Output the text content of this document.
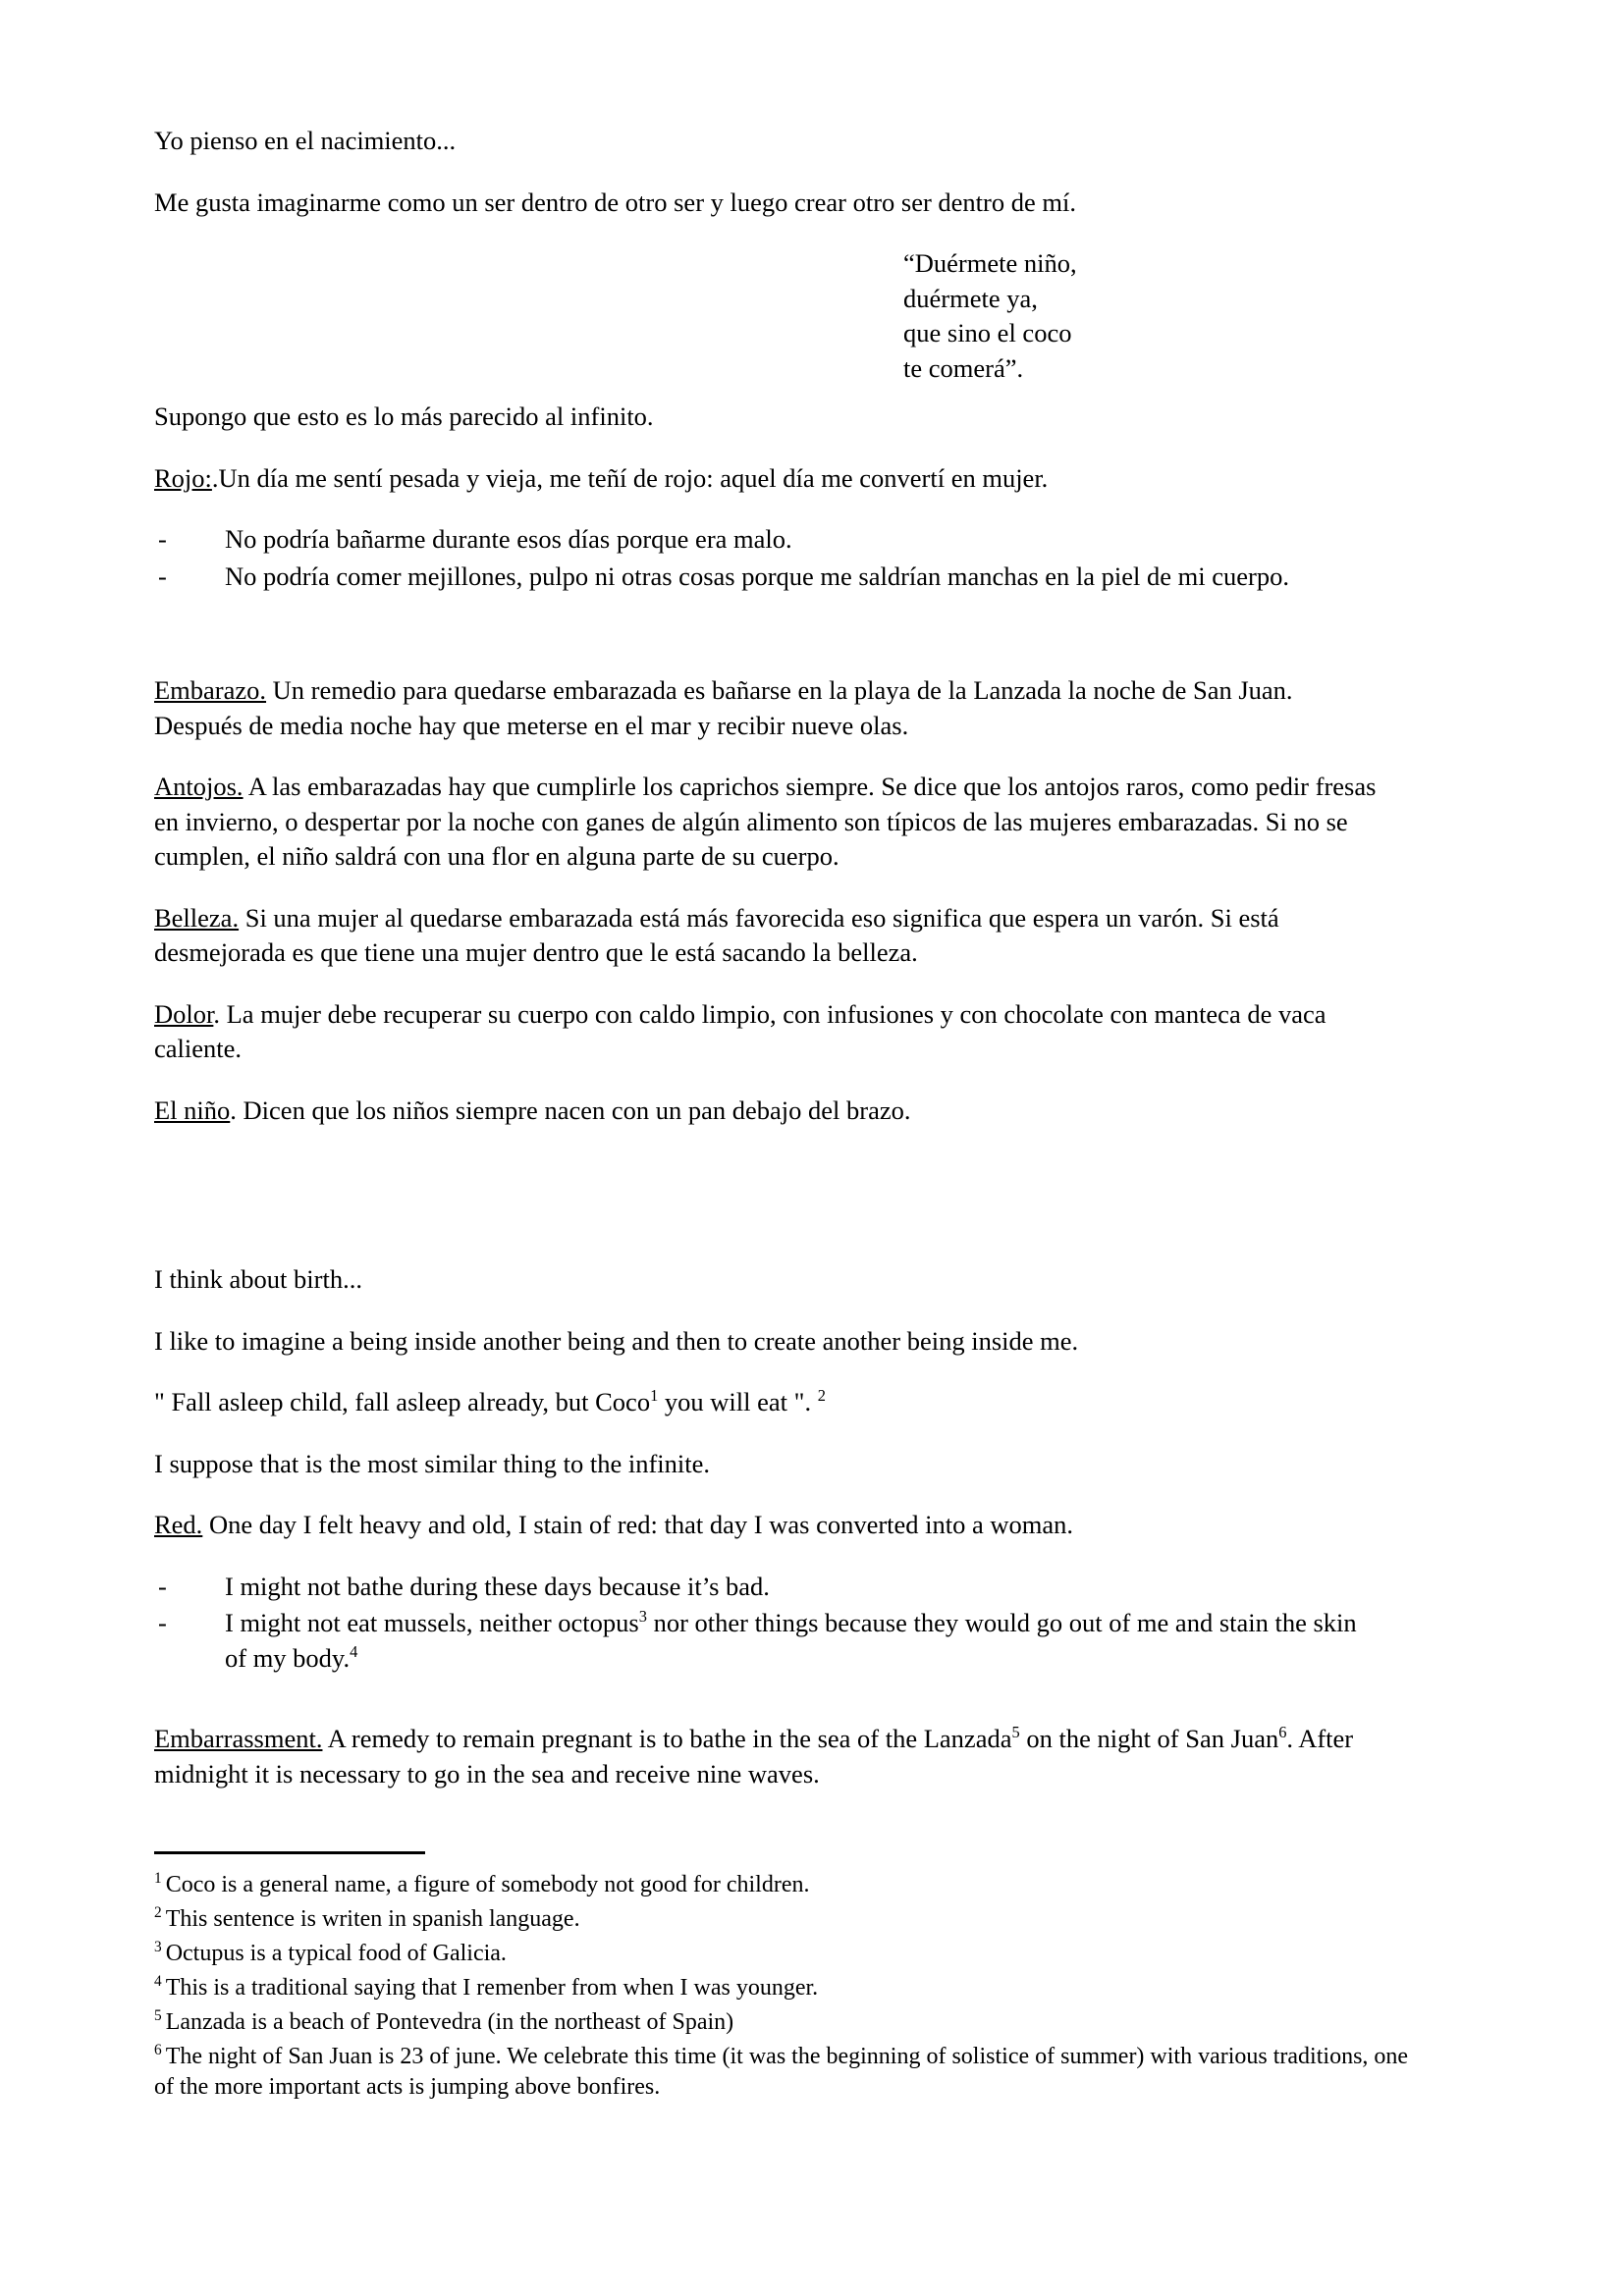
Yo pienso en el nacimiento...

Me gusta imaginarme como un ser dentro de otro ser y luego crear otro ser dentro de mí.

“Duérmete niño,
duérmete ya,
que sino el coco
te comerá”.

Supongo que esto es lo más parecido al infinito.

Rojo:.Un día me sentí pesada y vieja, me teñí de rojo: aquel día me convertí en mujer.

- No podría bañarme durante esos días porque era malo.
- No podría comer mejillones, pulpo ni otras cosas porque me saldrían manchas en la piel de mi cuerpo.

Embarazo. Un remedio para quedarse embarazada es bañarse en la playa de la Lanzada la noche de San Juan. Después de media noche hay que meterse en el mar y recibir nueve olas.

Antojos. A las embarazadas hay que cumplirle los caprichos siempre. Se dice que los antojos raros, como pedir fresas en invierno, o despertar por la noche con ganes de algún alimento son típicos de las mujeres embarazadas. Si no se cumplen, el niño saldrá con una flor en alguna parte de su cuerpo.

Belleza. Si una mujer al quedarse embarazada está más favorecida eso significa que espera un varón. Si está desmejorada es que tiene una mujer dentro que le está sacando la belleza.

Dolor. La mujer debe recuperar su cuerpo con caldo limpio, con infusiones y con chocolate con manteca de vaca caliente.

El niño. Dicen que los niños siempre nacen con un pan debajo del brazo.

I think about birth...

I like to imagine a being inside another being and then to create another being inside me.

" Fall asleep child, fall asleep already, but Coco$^1$ you will eat ". $^2$

I suppose that is the most similar thing to the infinite.

Red. One day I felt heavy and old, I stain of red: that day I was converted into a woman.

- I might not bathe during these days because it’s bad.
- I might not eat mussels, neither octopus$^3$ nor other things because they would go out of me and stain the skin of my body.$^4$

Embarrassment. A remedy to remain pregnant is to bathe in the sea of the Lanzada$^5$ on the night of San Juan$^6$. After midnight it is necessary to go in the sea and receive nine waves.

$^1$ Coco is a general name, a figure of somebody not good for children.

$^2$ This sentence is writen in spanish language.

$^3$ Octupus is a typical food of Galicia.

$^4$ This is a traditional saying that I remenber from when I was younger.

$^5$ Lanzada is a beach of Pontevedra (in the northeast of Spain)

$^6$ The night of San Juan is 23 of june. We celebrate this time (it was the beginning of solistice of summer) with various traditions, one of the more important acts is jumping above bonfires.
